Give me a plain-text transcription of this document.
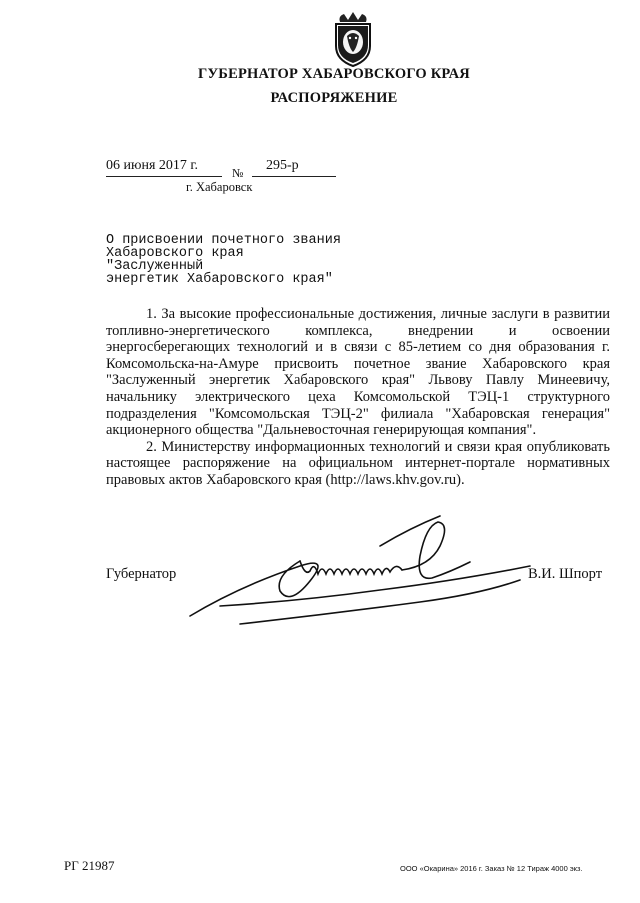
ГУБЕРНАТОР ХАБАРОВСКОГО КРАЯ
РАСПОРЯЖЕНИЕ
06 июня 2017 г.	№ 295-р
г. Хабаровск
О присвоении почетного звания
Хабаровского края "Заслуженный
энергетик Хабаровского края"

1. За высокие профессиональные достижения, личные заслуги в развитии топливно-энергетического комплекса, внедрении и освоении энергосберегающих технологий и в связи с 85-летием со дня образования г. Комсомольска-на-Амуре присвоить почетное звание Хабаровского края "Заслуженный энергетик Хабаровского края" Львову Павлу Минеевичу, начальнику электрического цеха Комсомольской ТЭЦ-1 структурного подразделения "Комсомольская ТЭЦ-2" филиала "Хабаровская генерация" акционерного общества "Дальневосточная генерирующая компания".

2. Министерству информационных технологий и связи края опубликовать настоящее распоряжение на официальном интернет-портале нормативных правовых актов Хабаровского края (http://laws.khv.gov.ru).

Губернатор	В.И. Шпорт
РГ 21987	ООО «Окарина» 2016 г. Заказ № 12 Тираж 4000 экз.
